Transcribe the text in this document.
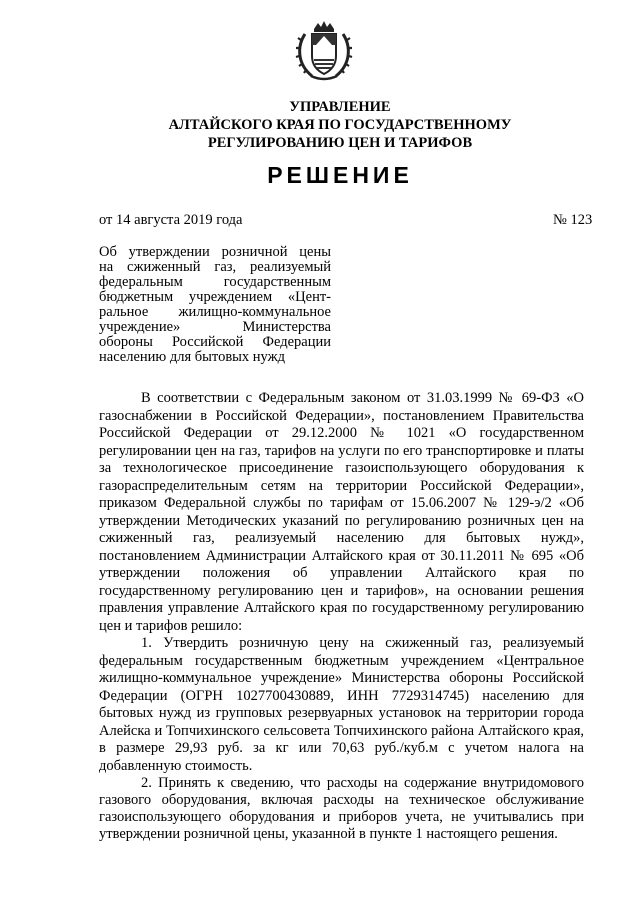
УПРАВЛЕНИЕ
АЛТАЙСКОГО КРАЯ ПО ГОСУДАРСТВЕННОМУ
РЕГУЛИРОВАНИЮ ЦЕН И ТАРИФОВ
РЕШЕНИЕ
от 14 августа 2019 года	№ 123
Об утверждении розничной цены
на сжиженный газ, реализуемый
федеральным государственным
бюджетным учреждением «Цент-
ральное жилищно-коммунальное
учреждение» Министерства
обороны Российской Федерации
населению для бытовых нужд

В соответствии с Федеральным законом от 31.03.1999 № 69-ФЗ «О газоснабжении в Российской Федерации», постановлением Правительства Российской Федерации от 29.12.2000 № 1021 «О государственном регулировании цен на газ, тарифов на услуги по его транспортировке и платы за технологическое присоединение газоиспользующего оборудования к газораспределительным сетям на территории Российской Федерации», приказом Федеральной службы по тарифам от 15.06.2007 № 129-э/2 «Об утверждении Методических указаний по регулированию розничных цен на сжиженный газ, реализуемый населению для бытовых нужд», постановлением Администрации Алтайского края от 30.11.2011 № 695 «Об утверждении положения об управлении Алтайского края по государственному регулированию цен и тарифов», на основании решения правления управление Алтайского края по государственному регулированию цен и тарифов решило:

1. Утвердить розничную цену на сжиженный газ, реализуемый федеральным государственным бюджетным учреждением «Центральное жилищно-коммунальное учреждение» Министерства обороны Российской Федерации (ОГРН 1027700430889, ИНН 7729314745) населению для бытовых нужд из групповых резервуарных установок на территории города Алейска и Топчихинского сельсовета Топчихинского района Алтайского края, в размере 29,93 руб. за кг или 70,63 руб./куб.м с учетом налога на добавленную стоимость.

2. Принять к сведению, что расходы на содержание внутридомового газового оборудования, включая расходы на техническое обслуживание газоиспользующего оборудования и приборов учета, не учитывались при утверждении розничной цены, указанной в пункте 1 настоящего решения.
